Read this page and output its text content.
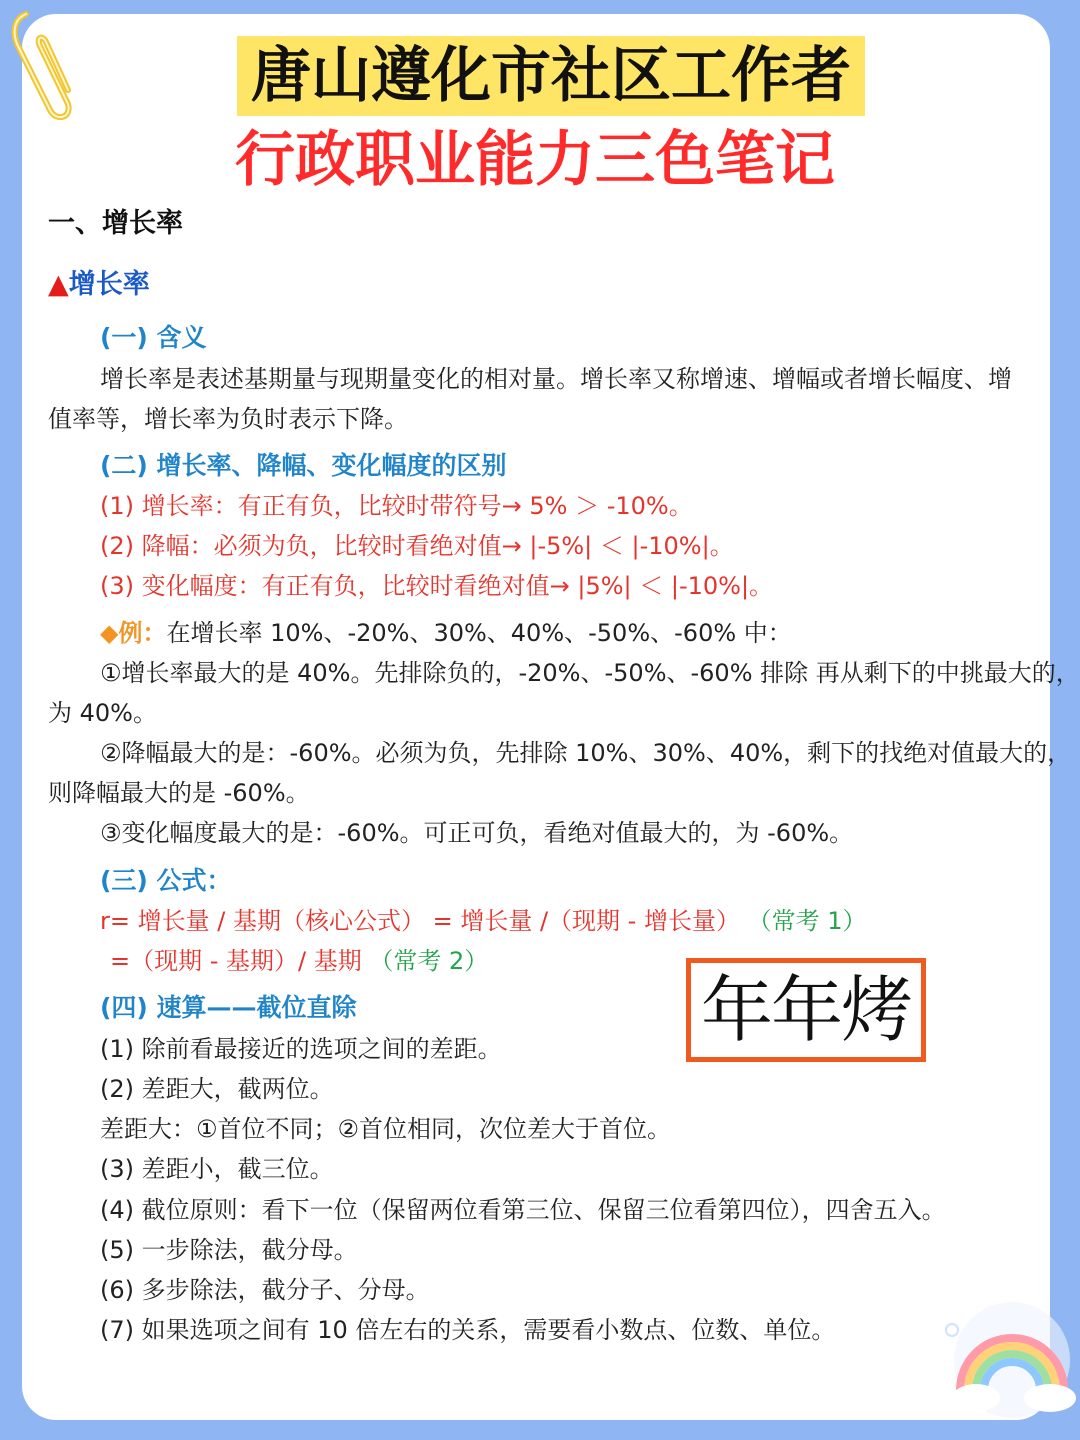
唐山遵化市社区工作者
行政职业能力三色笔记
一、增长率
▲增长率
(一) 含义
增长率是表述基期量与现期量变化的相对量。增长率又称增速、增幅或者增长幅度、增
值率等，增长率为负时表示下降。
(二) 增长率、降幅、变化幅度的区别
(1) 增长率：有正有负，比较时带符号→ 5% ＞ -10%。
(2) 降幅：必须为负，比较时看绝对值→ |-5%| ＜ |-10%|。
(3) 变化幅度：有正有负，比较时看绝对值→ |5%| ＜ |-10%|。
◆例：在增长率 10%、-20%、30%、40%、-50%、-60% 中：
①增长率最大的是 40%。先排除负的，-20%、-50%、-60% 排除 再从剩下的中挑最大的，
为 40%。
②降幅最大的是：-60%。必须为负，先排除 10%、30%、40%，剩下的找绝对值最大的，
则降幅最大的是 -60%。
③变化幅度最大的是：-60%。可正可负，看绝对值最大的，为 -60%。
(三) 公式：
r= 增长量 / 基期（核心公式） = 增长量 /（现期 - 增长量） （常考 1）
=（现期 - 基期）/ 基期 （常考 2）
(四) 速算——截位直除
(1) 除前看最接近的选项之间的差距。
(2) 差距大，截两位。
差距大：①首位不同；②首位相同，次位差大于首位。
(3) 差距小，截三位。
(4) 截位原则：看下一位（保留两位看第三位、保留三位看第四位），四舍五入。
(5) 一步除法，截分母。
(6) 多步除法，截分子、分母。
(7) 如果选项之间有 10 倍左右的关系，需要看小数点、位数、单位。
年年烤
